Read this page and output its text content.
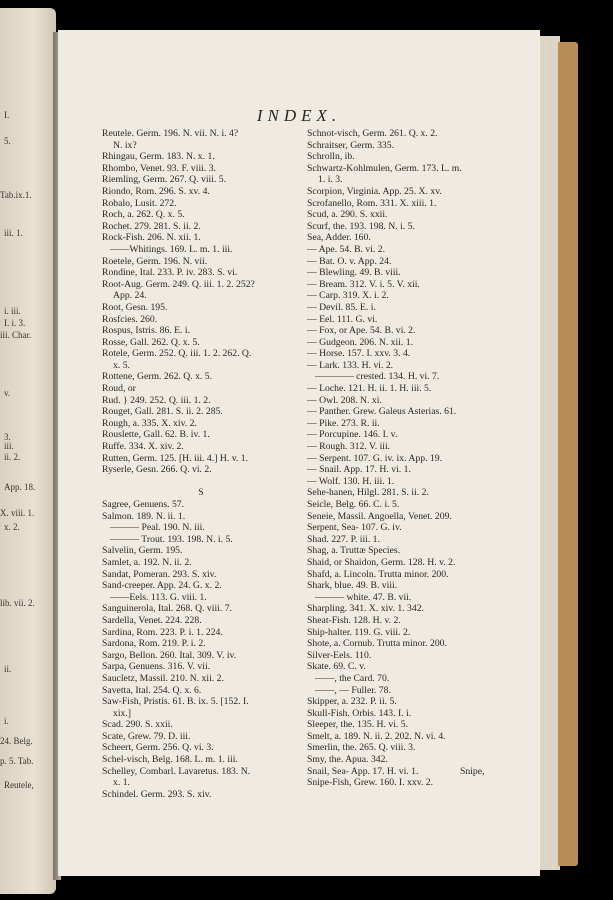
I.
5.
Tab.ix.1.
iii. 1.
i. iii.
I. i. 3.
iii. Char.
v.
3.
iii.
ii. 2.
App. 18.
X. viii. 1.
x. 2.
lib. vii. 2.
ii.
i.
24. Belg.
p. 5. Tab.
Reutele,
INDEX.
Reutele. Germ. 196. N. vii. N. i. 4?
N. ix?
Rhingau, Germ. 183. N. x. 1.
Rhombo, Venet. 93. F. viii. 3.
Riemling, Germ. 267. Q. viii. 5.
Riondo, Rom. 296. S. xv. 4.
Robalo, Lusit. 272.
Roch, a. 262. Q. x. 5.
Rochet. 279. 281. S. ii. 2.
Rock-Fish. 206. N. xii. 1.
——Whitings. 169. L. m. 1. iii.
Roetele, Germ. 196. N. vii.
Rondine, Ital. 233. P. iv. 283. S. vi.
Root-Aug. Germ. 249. Q. iii. 1. 2. 252?
App. 24.
Root, Gesn. 195.
Rosfcies. 260.
Rospus, Istris. 86. E. i.
Rosse, Gall. 262. Q. x. 5.
Rotele, Germ. 252. Q. iii. 1. 2. 262. Q.
x. 5.
Rottene, Germ. 262. Q. x. 5.
Roud, or
Rud. } 249. 252. Q. iii. 1. 2.
Rouget, Gall. 281. S. ii. 2. 285.
Rough, a. 335. X. xiv. 2.
Rouslette, Gall. 62. B. iv. 1.
Ruffe. 334. X. xiv. 2.
Rutten, Germ. 125. [H. iii. 4.] H. v. 1.
Ryserle, Gesn. 266. Q. vi. 2.

S
Sagree, Genuens. 57.
Salmon. 189. N. ii. 1.
——— Peal. 190. N. iii.
——— Trout. 193. 198. N. i. 5.
Salvelin, Germ. 195.
Samlet, a. 192. N. ii. 2.
Sandat, Pomeran. 293. S. xiv.
Sand-creeper. App. 24. G. x. 2.
——Eels. 113. G. viii. 1.
Sanguinerola, Ital. 268. Q. viii. 7.
Sardella, Venet. 224. 228.
Sardina, Rom. 223. P. i. 1. 224.
Sardona, Rom. 219. P. i. 2.
Sargo, Bellon. 260. Ital. 309. V. iv.
Sarpa, Genuens. 316. V. vii.
Saucletz, Massil. 210. N. xii. 2.
Savetta, Ital. 254. Q. x. 6.
Saw-Fish, Pristis. 61. B. ix. 5. [152. I.
xix.]
Scad. 290. S. xxii.
Scate, Grew. 79. D. iii.
Scheert, Germ. 256. Q. vi. 3.
Schel-visch, Belg. 168. L. m. 1. iii.
Schelley, Combarl. Lavaretus. 183. N.
x. 1.
Schindel. Germ. 293. S. xiv.
Schnot-visch, Germ. 261. Q. x. 2.
Schraitser, Germ. 335.
Schrolln, ib.
Schwartz-Kohlmulen, Germ. 173. L. m.
1. i. 3.
Scorpion, Virginia. App. 25. X. xv.
Scrofanello, Rom. 331. X. xiii. 1.
Scud, a. 290. S. xxii.
Scurf, the. 193. 198. N. i. 5.
Sea, Adder. 160.
— Ape. 54. B. vi. 2.
— Bat. O. v. App. 24.
— Blewling. 49. B. viii.
— Bream. 312. V. i. 5. V. xii.
— Carp. 319. X. i. 2.
— Devil. 85. E. i.
— Eel. 111. G. vi.
— Fox, or Ape. 54. B. vi. 2.
— Gudgeon. 206. N. xii. 1.
— Horse. 157. I. xxv. 3. 4.
— Lark. 133. H. vi. 2.
———— crested. 134. H. vi. 7.
— Loche. 121. H. ii. 1. H. iii. 5.
— Owl. 208. N. xi.
— Panther. Grew. Galeus Asterias. 61.
— Pike. 273. R. ii.
— Porcupine. 146. I. v.
— Rough. 312. V. iii.
— Serpent. 107. G. iv. ix. App. 19.
— Snail. App. 17. H. vi. 1.
— Wolf. 130. H. iii. 1.
Sehe-hanen, Hilgl. 281. S. ii. 2.
Seicle, Belg. 66. C. i. 5.
Seneie, Massil. Angoella, Venet. 209.
Serpent, Sea- 107. G. iv.
Shad. 227. P. iii. 1.
Shag, a. Truttæ Species.
Shaid, or Shaidon, Germ. 128. H. v. 2.
Shafd, a. Lincoln. Trutta minor. 200.
Shark, blue. 49. B. viii.
——— white. 47. B. vii.
Sharpling. 341. X. xiv. 1. 342.
Sheat-Fish. 128. H. v. 2.
Ship-halter. 119. G. viii. 2.
Shote, a. Cornub. Trutta minor. 200.
Silver-Eels. 110.
Skate. 69. C. v.
——, the Card. 70.
——, — Fuller. 78.
Skipper, a. 232. P. ii. 5.
Skull-Fish. Orbis. 143. I. i.
Sleeper, the. 135. H. vi. 5.
Smelt, a. 189. N. ii. 2. 202. N. vi. 4.
Smerlin, the. 265. Q. viii. 3.
Smy, the. Apua. 342.
Snail, Sea- App. 17. H. vi. 1.
Snipe-Fish, Grew. 160. I. xxv. 2.
Snipe,
